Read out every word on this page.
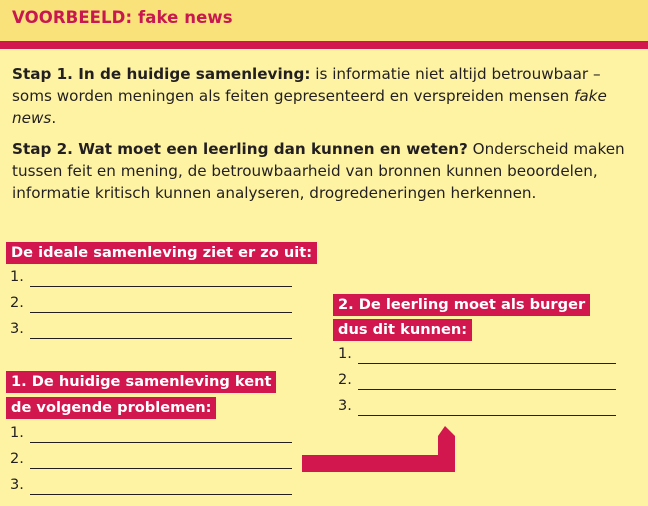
VOORBEELD: fake news
Stap 1. In de huidige samenleving: is informatie niet altijd betrouwbaar – soms worden meningen als feiten gepresenteerd en verspreiden mensen fake news.
Stap 2. Wat moet een leerling dan kunnen en weten? Onderscheid maken tussen feit en mening, de betrouwbaarheid van bronnen kunnen beoordelen, informatie kritisch kunnen analyseren, drogredeneringen herkennen.
De ideale samenleving ziet er zo uit:
1.
2.
3.
1. De huidige samenleving kent
de volgende problemen:
1.
2.
3.
2. De leerling moet als burger
dus dit kunnen:
1.
2.
3.
